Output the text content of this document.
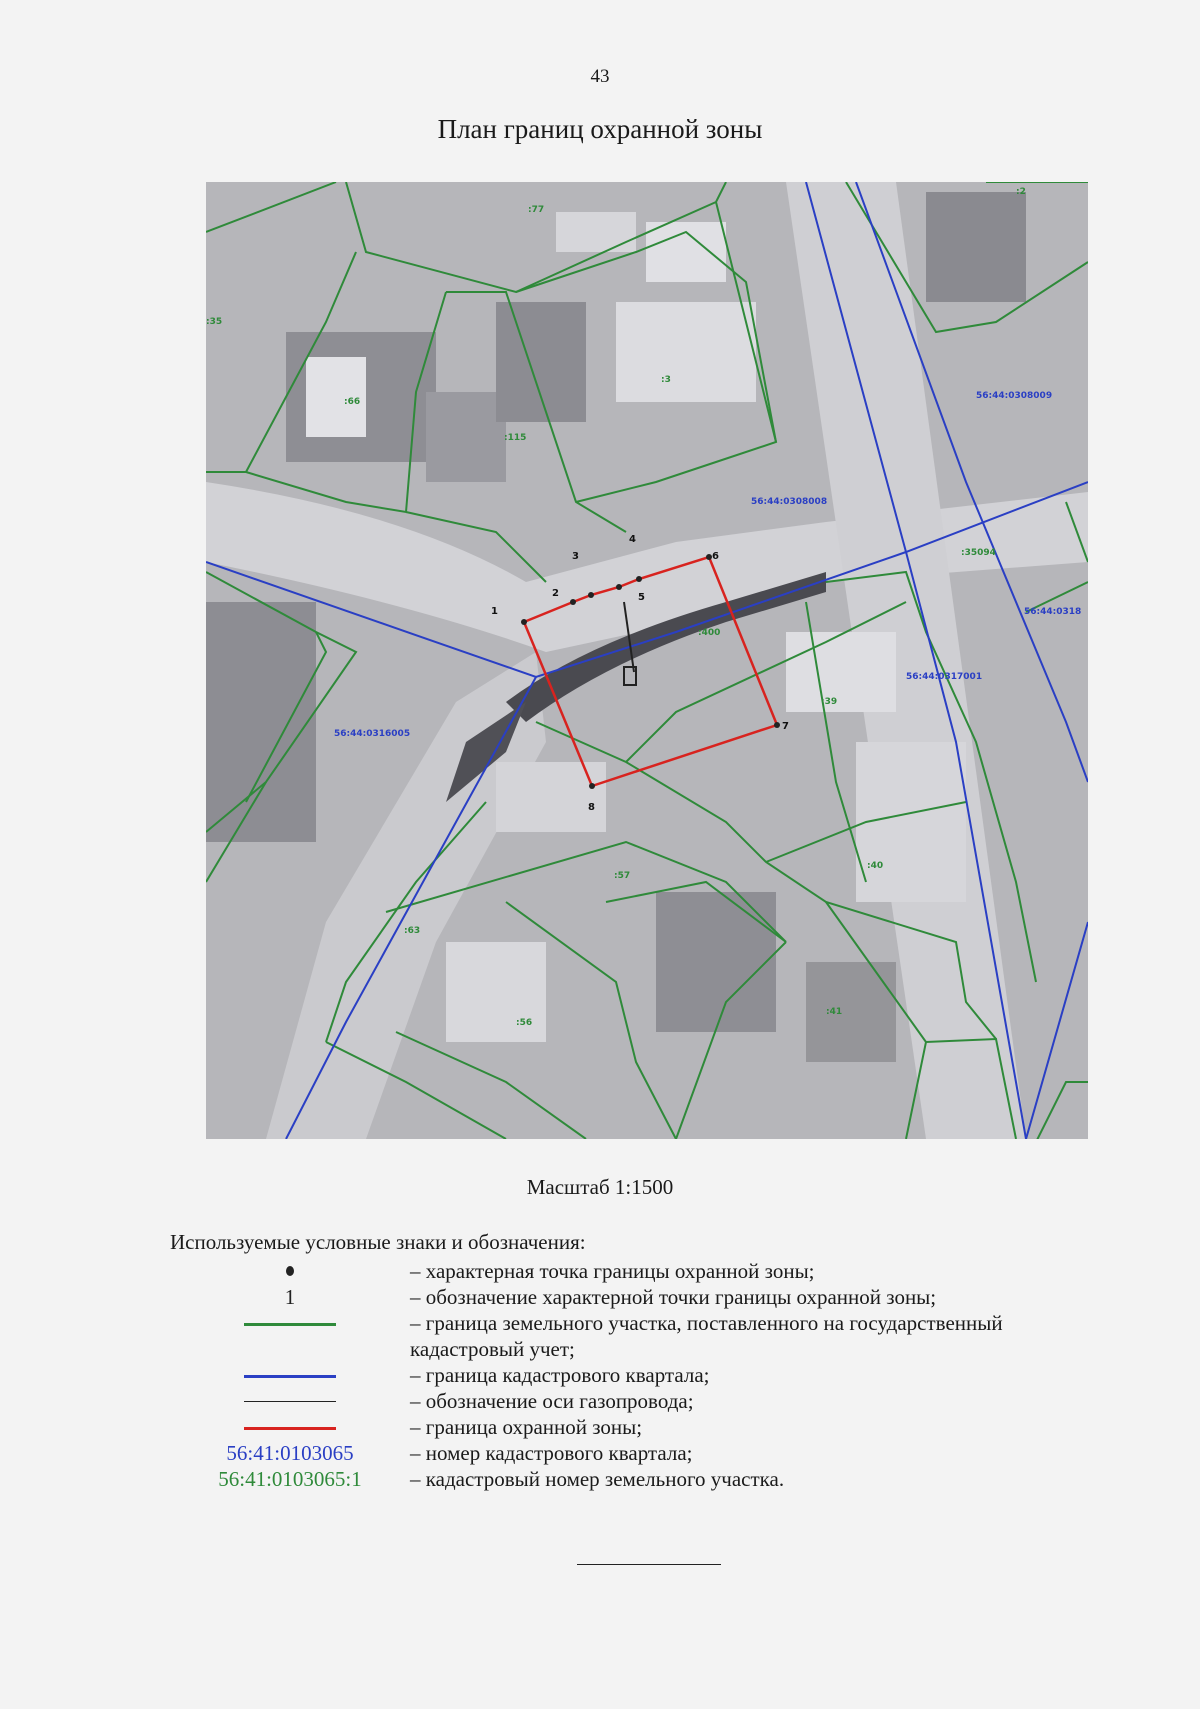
43
План границ охранной зоны
1
2
3
4
5
6
7
8
56:44:0308009
56:44:0308008
56:44:0318
56:44:0317001
56:44:0316005
:77
:2
:35
:66
:115
:3
:35094
:400
:39
:40
:57
:63
:56
:41
Масштаб 1:1500
Используемые условные знаки и обозначения:
– характерная точка границы охранной зоны;
1	– обозначение характерной точки границы охранной зоны;
– граница земельного участка, поставленного на государственный кадастровый учет;
– граница кадастрового квартала;
– обозначение оси газопровода;
– граница охранной зоны;
56:41:0103065	– номер кадастрового квартала;
56:41:0103065:1 – кадастровый номер земельного участка.
